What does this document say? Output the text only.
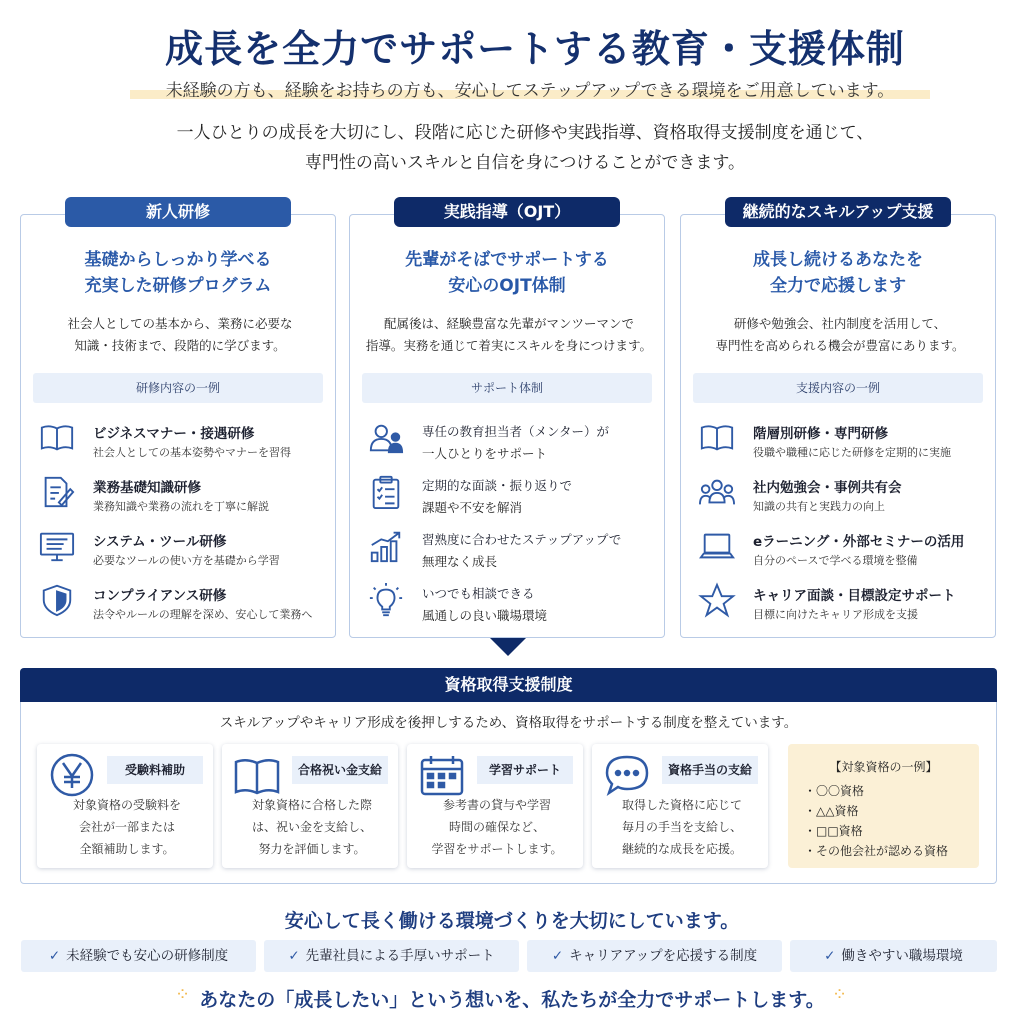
成長を全力でサポートする教育・支援体制
未経験の方も、経験をお持ちの方も、安心してステップアップできる環境をご用意しています。
一人ひとりの成長を大切にし、段階に応じた研修や実践指導、資格取得支援制度を通じて、
専門性の高いスキルと自信を身につけることができます。
新人研修
基礎からしっかり学べる
充実した研修プログラム
社会人としての基本から、業務に必要な
知識・技術まで、段階的に学びます。
研修内容の一例
ビジネスマナー・接遇研修
社会人としての基本姿勢やマナーを習得
業務基礎知識研修
業務知識や業務の流れを丁寧に解説
システム・ツール研修
必要なツールの使い方を基礎から学習
コンプライアンス研修
法令やルールの理解を深め、安心して業務へ
実践指導（OJT）
先輩がそばでサポートする
安心のOJT体制
配属後は、経験豊富な先輩がマンツーマンで
指導。実務を通じて着実にスキルを身につけます。
サポート体制
専任の教育担当者（メンター）が
一人ひとりをサポート
定期的な面談・振り返りで
課題や不安を解消
習熟度に合わせたステップアップで
無理なく成長
いつでも相談できる
風通しの良い職場環境
継続的なスキルアップ支援
成長し続けるあなたを
全力で応援します
研修や勉強会、社内制度を活用して、
専門性を高められる機会が豊富にあります。
支援内容の一例
階層別研修・専門研修
役職や職種に応じた研修を定期的に実施
社内勉強会・事例共有会
知識の共有と実践力の向上
eラーニング・外部セミナーの活用
自分のペースで学べる環境を整備
キャリア面談・目標設定サポート
目標に向けたキャリア形成を支援
資格取得支援制度
スキルアップやキャリア形成を後押しするため、資格取得をサポートする制度を整えています。
受験料補助
対象資格の受験料を
会社が一部または
全額補助します。
合格祝い金支給
対象資格に合格した際
は、祝い金を支給し、
努力を評価します。
学習サポート
参考書の貸与や学習
時間の確保など、
学習をサポートします。
資格手当の支給
取得した資格に応じて
毎月の手当を支給し、
継続的な成長を応援。
【対象資格の一例】
・〇〇資格
・△△資格
・□□資格
・その他会社が認める資格
安心して長く働ける環境づくりを大切にしています。
✓ 未経験でも安心の研修制度	✓ 先輩社員による手厚いサポート	✓ キャリアアップを応援する制度	✓ 働きやすい職場環境
⁘ あなたの「成長したい」という想いを、私たちが全力でサポートします。 ⁘
